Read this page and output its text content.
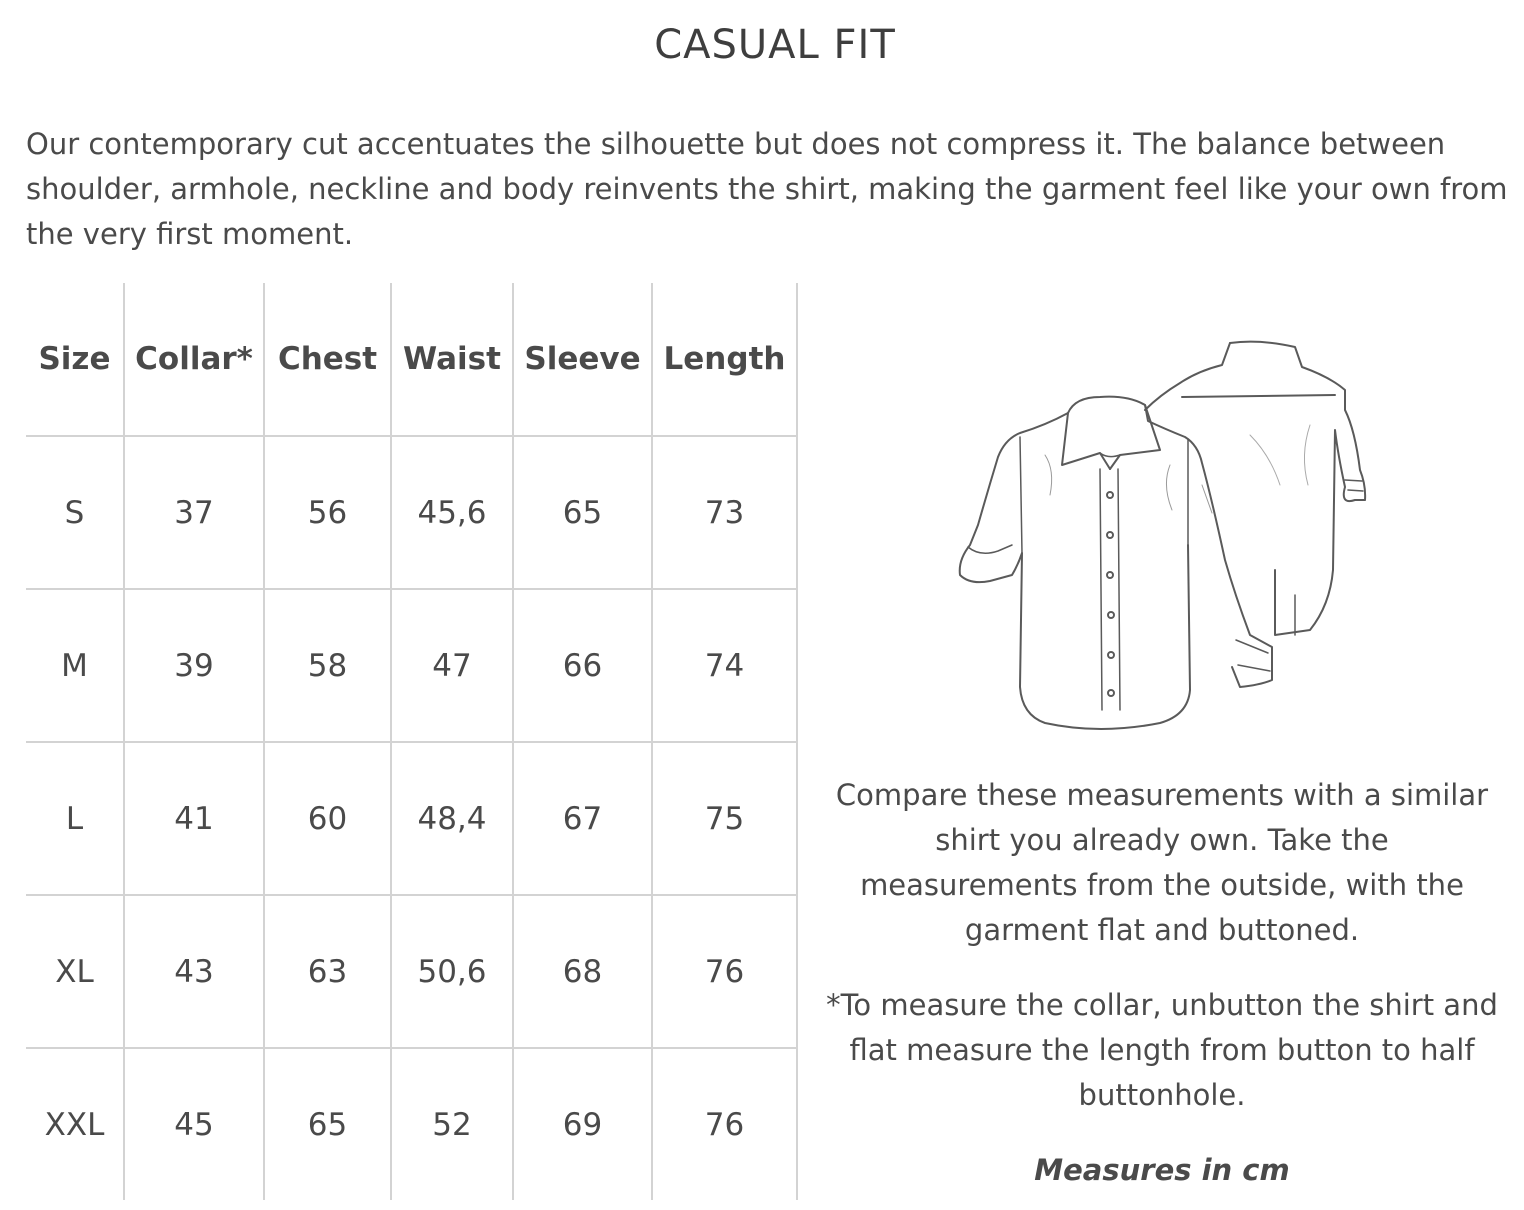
CASUAL FIT

Our contemporary cut accentuates the silhouette but does not compress it. The balance between shoulder, armhole, neckline and body reinvents the shirt, making the garment feel like your own from the very first moment.

Size	Collar*	Chest	Waist	Sleeve	Length
S	37	56	45,6	65	73
M	39	58	47	66	74
L	41	60	48,4	67	75
XL	43	63	50,6	68	76
XXL	45	65	52	69	76

Compare these measurements with a similar shirt you already own. Take the measurements from the outside, with the garment flat and buttoned.

*To measure the collar, unbutton the shirt and flat measure the length from button to half buttonhole.

Measures in cm
